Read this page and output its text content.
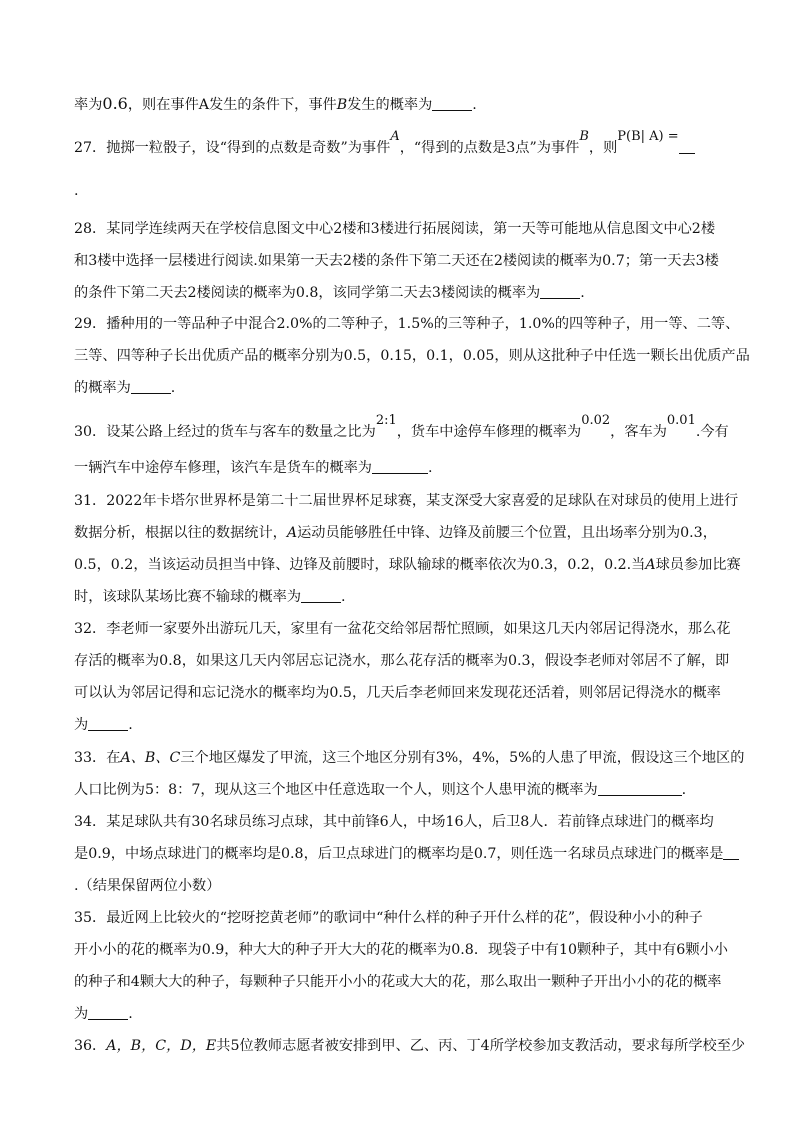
率为0.6，则在事件A发生的条件下，事件B发生的概率为	.
27．抛掷一粒骰子，设“得到的点数是奇数”为事件A，“得到的点数是3点”为事件B，则P(B| A) =
.
28．某同学连续两天在学校信息图文中心2楼和3楼进行拓展阅读，第一天等可能地从信息图文中心2楼
和3楼中选择一层楼进行阅读.如果第一天去2楼的条件下第二天还在2楼阅读的概率为0.7；第一天去3楼
的条件下第二天去2楼阅读的概率为0.8，该同学第二天去3楼阅读的概率为	.
29．播种用的一等品种子中混合2.0%的二等种子，1.5%的三等种子，1.0%的四等种子，用一等、二等、
三等、四等种子长出优质产品的概率分别为0.5，0.15，0.1，0.05，则从这批种子中任选一颗长出优质产品
的概率为	.
30．设某公路上经过的货车与客车的数量之比为2:1，货车中途停车修理的概率为0.02，客车为0.01.今有
一辆汽车中途停车修理，该汽车是货车的概率为	.
31．2022年卡塔尔世界杯是第二十二届世界杯足球赛，某支深受大家喜爱的足球队在对球员的使用上进行
数据分析，根据以往的数据统计，A运动员能够胜任中锋、边锋及前腰三个位置，且出场率分别为0.3，
0.5，0.2，当该运动员担当中锋、边锋及前腰时，球队输球的概率依次为0.3，0.2，0.2.当A球员参加比赛
时，该球队某场比赛不输球的概率为	.
32．李老师一家要外出游玩几天，家里有一盆花交给邻居帮忙照顾，如果这几天内邻居记得浇水，那么花
存活的概率为0.8，如果这几天内邻居忘记浇水，那么花存活的概率为0.3，假设李老师对邻居不了解，即
可以认为邻居记得和忘记浇水的概率均为0.5，几天后李老师回来发现花还活着，则邻居记得浇水的概率
为	.
33．在A、B、C三个地区爆发了甲流，这三个地区分别有3%，4%，5%的人患了甲流，假设这三个地区的
人口比例为5：8：7，现从这三个地区中任意选取一个人，则这个人患甲流的概率为	.
34．某足球队共有30名球员练习点球，其中前锋6人，中场16人，后卫8人．若前锋点球进门的概率均
是0.9，中场点球进门的概率均是0.8，后卫点球进门的概率均是0.7，则任选一名球员点球进门的概率是
.（结果保留两位小数）
35．最近网上比较火的“挖呀挖黄老师”的歌词中“种什么样的种子开什么样的花”，假设种小小的种子
开小小的花的概率为0.9，种大大的种子开大大的花的概率为0.8．现袋子中有10颗种子，其中有6颗小小
的种子和4颗大大的种子，每颗种子只能开小小的花或大大的花，那么取出一颗种子开出小小的花的概率
为	.
36．A，B，C，D，E共5位教师志愿者被安排到甲、乙、丙、丁4所学校参加支教活动，要求每所学校至少
